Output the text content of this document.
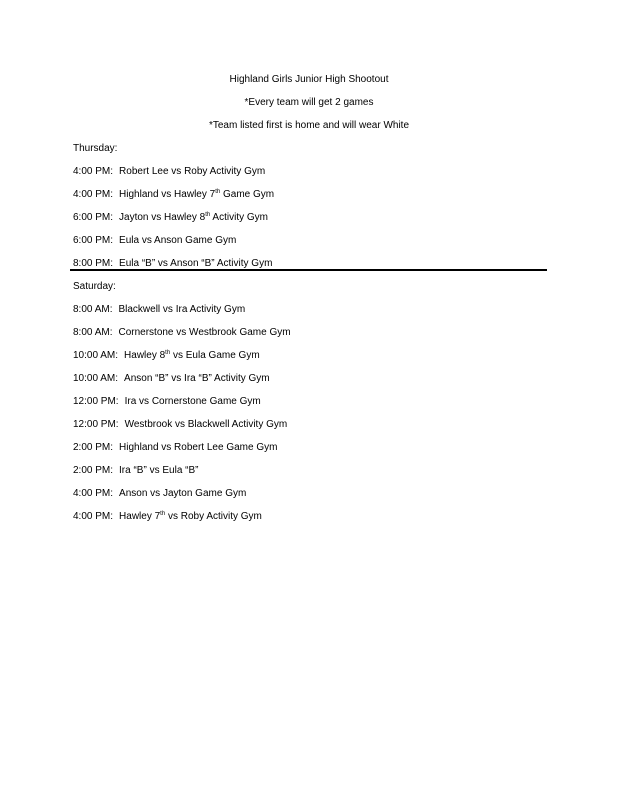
Highland Girls Junior High Shootout
*Every team will get 2 games
*Team listed first is home and will wear White
Thursday:
4:00 PM: Robert Lee vs Roby Activity Gym
4:00 PM: Highland vs Hawley 7th Game Gym
6:00 PM: Jayton vs Hawley 8th Activity Gym
6:00 PM: Eula vs Anson Game Gym
8:00 PM: Eula “B” vs Anson “B” Activity Gym
Saturday:
8:00 AM: Blackwell vs Ira Activity Gym
8:00 AM: Cornerstone vs Westbrook Game Gym
10:00 AM: Hawley 8th vs Eula Game Gym
10:00 AM: Anson “B” vs Ira “B” Activity Gym
12:00 PM: Ira vs Cornerstone Game Gym
12:00 PM: Westbrook vs Blackwell Activity Gym
2:00 PM: Highland vs Robert Lee Game Gym
2:00 PM: Ira “B” vs Eula “B”
4:00 PM: Anson vs Jayton Game Gym
4:00 PM: Hawley 7th vs Roby Activity Gym
